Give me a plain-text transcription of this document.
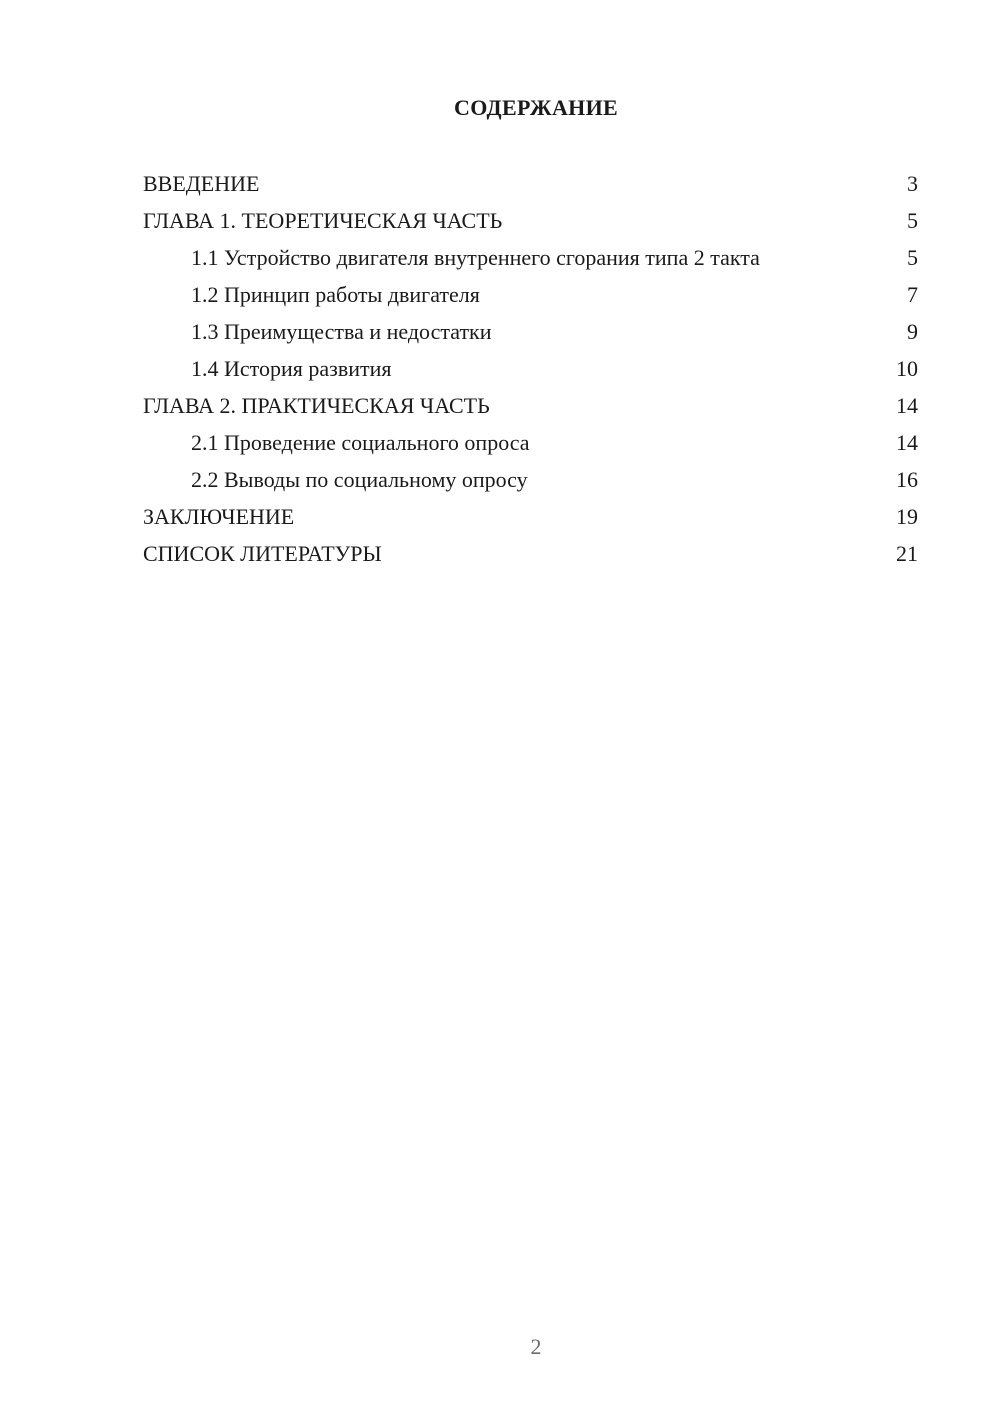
СОДЕРЖАНИЕ
ВВЕДЕНИЕ	3
ГЛАВА 1. ТЕОРЕТИЧЕСКАЯ ЧАСТЬ	5
1.1 Устройство двигателя внутреннего сгорания типа 2 такта	5
1.2 Принцип работы двигателя	7
1.3 Преимущества и недостатки	9
1.4 История развития	10
ГЛАВА 2. ПРАКТИЧЕСКАЯ ЧАСТЬ	14
2.1 Проведение социального опроса	14
2.2 Выводы по социальному опросу	16
ЗАКЛЮЧЕНИЕ	19
СПИСОК ЛИТЕРАТУРЫ	21
2
